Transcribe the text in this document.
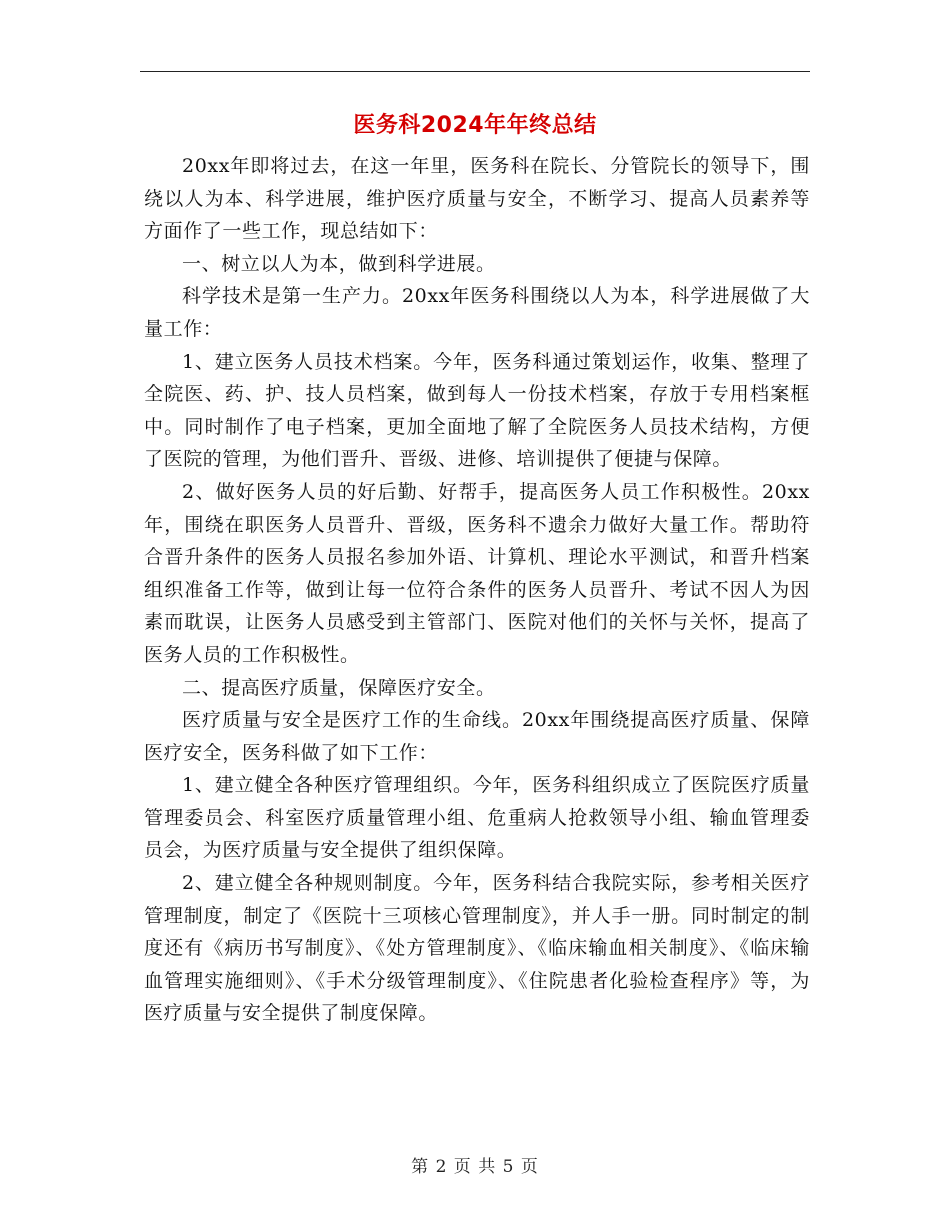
医务科2024年年终总结

20xx年即将过去，在这一年里，医务科在院长、分管院长的领导下，围绕以人为本、科学进展，维护医疗质量与安全，不断学习、提高人员素养等方面作了一些工作，现总结如下：

一、树立以人为本，做到科学进展。

科学技术是第一生产力。20xx年医务科围绕以人为本，科学进展做了大量工作：

1、建立医务人员技术档案。今年，医务科通过策划运作，收集、整理了全院医、药、护、技人员档案，做到每人一份技术档案，存放于专用档案框中。同时制作了电子档案，更加全面地了解了全院医务人员技术结构，方便了医院的管理，为他们晋升、晋级、进修、培训提供了便捷与保障。

2、做好医务人员的好后勤、好帮手，提高医务人员工作积极性。20xx年，围绕在职医务人员晋升、晋级，医务科不遗余力做好大量工作。帮助符合晋升条件的医务人员报名参加外语、计算机、理论水平测试，和晋升档案组织准备工作等，做到让每一位符合条件的医务人员晋升、考试不因人为因素而耽误，让医务人员感受到主管部门、医院对他们的关怀与关怀，提高了医务人员的工作积极性。

二、提高医疗质量，保障医疗安全。

医疗质量与安全是医疗工作的生命线。20xx年围绕提高医疗质量、保障医疗安全，医务科做了如下工作：

1、建立健全各种医疗管理组织。今年，医务科组织成立了医院医疗质量管理委员会、科室医疗质量管理小组、危重病人抢救领导小组、输血管理委员会，为医疗质量与安全提供了组织保障。

2、建立健全各种规则制度。今年，医务科结合我院实际，参考相关医疗管理制度，制定了《医院十三项核心管理制度》，并人手一册。同时制定的制度还有《病历书写制度》、《处方管理制度》、《临床输血相关制度》、《临床输血管理实施细则》、《手术分级管理制度》、《住院患者化验检查程序》等，为医疗质量与安全提供了制度保障。

第 2 页 共 5 页
